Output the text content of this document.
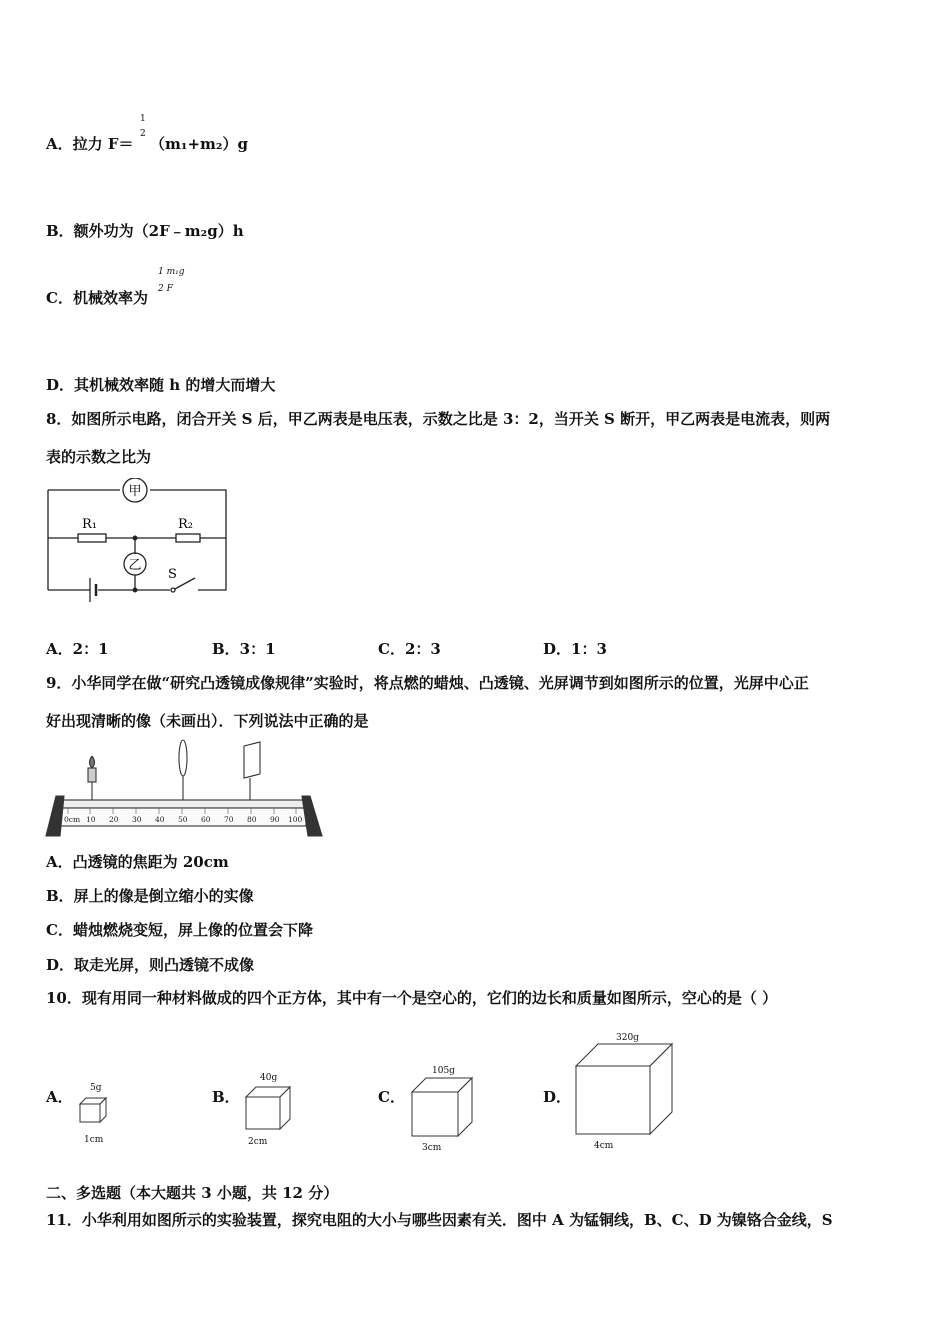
A．拉力 F＝
1
2
（m₁+m₂）g
B．额外功为（2F﹣m₂g）h
C．机械效率为
1 m₁g
2 F
D．其机械效率随 h 的增大而增大
8．如图所示电路，闭合开关 S 后，甲乙两表是电压表，示数之比是 3：2，当开关 S 断开，甲乙两表是电流表，则两
表的示数之比为
甲
乙
R₁	R₂
S
A．2：1	B．3：1	C．2：3	D．1：3
9．小华同学在做“研究凸透镜成像规律”实验时，将点燃的蜡烛、凸透镜、光屏调节到如图所示的位置，光屏中心正
好出现清晰的像（未画出）．下列说法中正确的是
0cm 10 20 30 40 50 60 70 80 90 100
A．凸透镜的焦距为 20cm
B．屏上的像是倒立缩小的实像
C．蜡烛燃烧变短，屏上像的位置会下降
D．取走光屏，则凸透镜不成像
10．现有用同一种材料做成的四个正方体，其中有一个是空心的，它们的边长和质量如图所示，空心的是（ ）
A． 5g
1cm
B．
40g
2cm
C．
105g
3cm
D．
320g
4cm
二、多选题（本大题共 3 小题，共 12 分）
11．小华利用如图所示的实验装置，探究电阻的大小与哪些因素有关．图中 A 为锰铜线，B、C、D 为镍铬合金线，S
